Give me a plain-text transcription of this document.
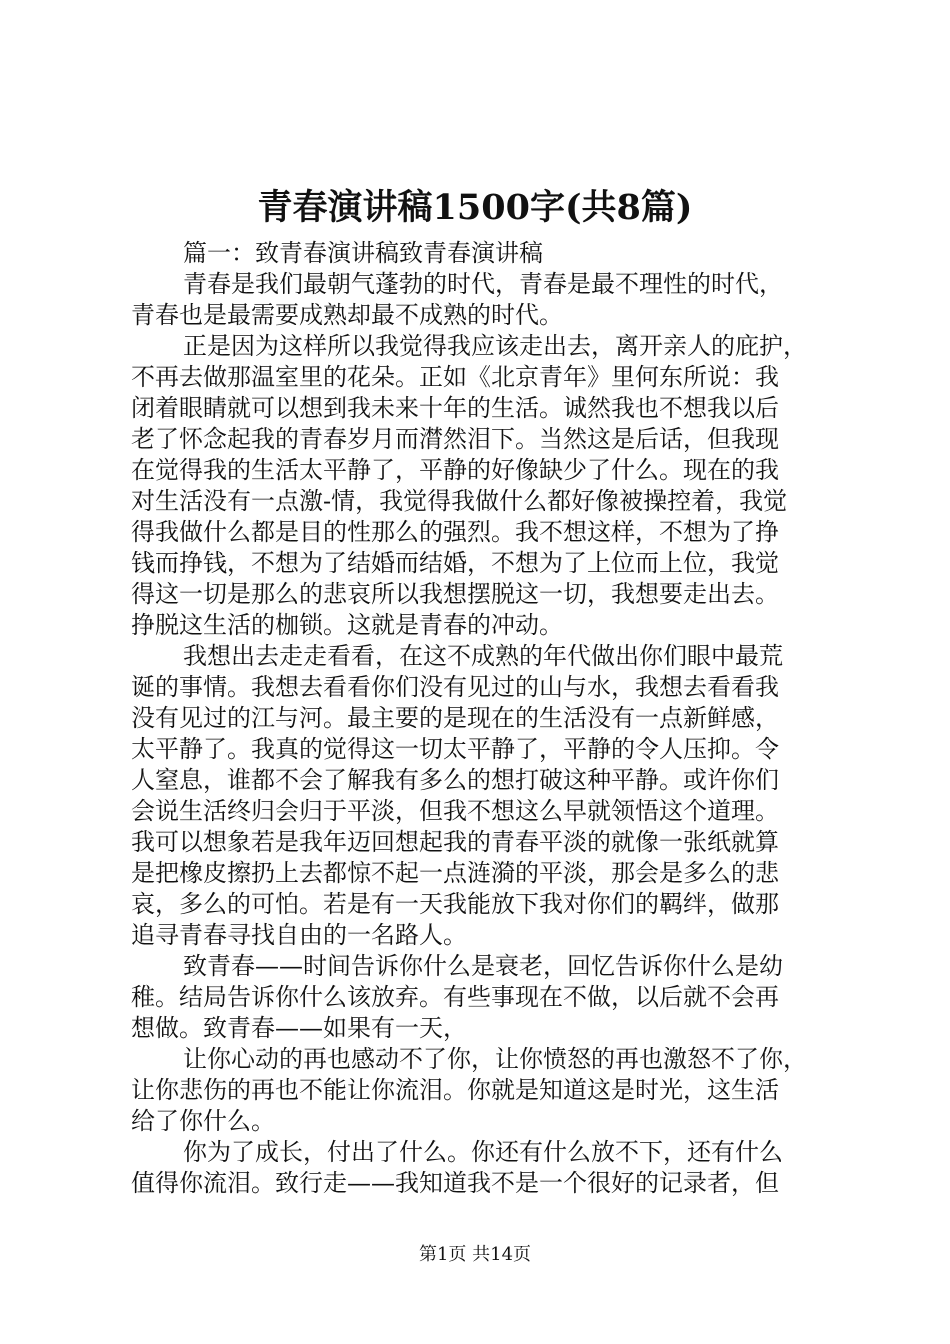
青春演讲稿1500字(共8篇)
篇一：致青春演讲稿致青春演讲稿
青春是我们最朝气蓬勃的时代，青春是最不理性的时代，
青春也是最需要成熟却最不成熟的时代。
正是因为这样所以我觉得我应该走出去，离开亲人的庇护，
不再去做那温室里的花朵。正如《北京青年》里何东所说：我
闭着眼睛就可以想到我未来十年的生活。诚然我也不想我以后
老了怀念起我的青春岁月而潸然泪下。当然这是后话，但我现
在觉得我的生活太平静了，平静的好像缺少了什么。现在的我
对生活没有一点激-情，我觉得我做什么都好像被操控着，我觉
得我做什么都是目的性那么的强烈。我不想这样，不想为了挣
钱而挣钱，不想为了结婚而结婚，不想为了上位而上位，我觉
得这一切是那么的悲哀所以我想摆脱这一切，我想要走出去。
挣脱这生活的枷锁。这就是青春的冲动。
我想出去走走看看，在这不成熟的年代做出你们眼中最荒
诞的事情。我想去看看你们没有见过的山与水，我想去看看我
没有见过的江与河。最主要的是现在的生活没有一点新鲜感，
太平静了。我真的觉得这一切太平静了，平静的令人压抑。令
人窒息，谁都不会了解我有多么的想打破这种平静。或许你们
会说生活终归会归于平淡，但我不想这么早就领悟这个道理。
我可以想象若是我年迈回想起我的青春平淡的就像一张纸就算
是把橡皮擦扔上去都惊不起一点涟漪的平淡，那会是多么的悲
哀，多么的可怕。若是有一天我能放下我对你们的羁绊，做那
追寻青春寻找自由的一名路人。
致青春——时间告诉你什么是衰老，回忆告诉你什么是幼
稚。结局告诉你什么该放弃。有些事现在不做，以后就不会再
想做。致青春——如果有一天，
让你心动的再也感动不了你，让你愤怒的再也激怒不了你，
让你悲伤的再也不能让你流泪。你就是知道这是时光，这生活
给了你什么。
你为了成长，付出了什么。你还有什么放不下，还有什么
值得你流泪。致行走——我知道我不是一个很好的记录者，但
第1页 共14页
